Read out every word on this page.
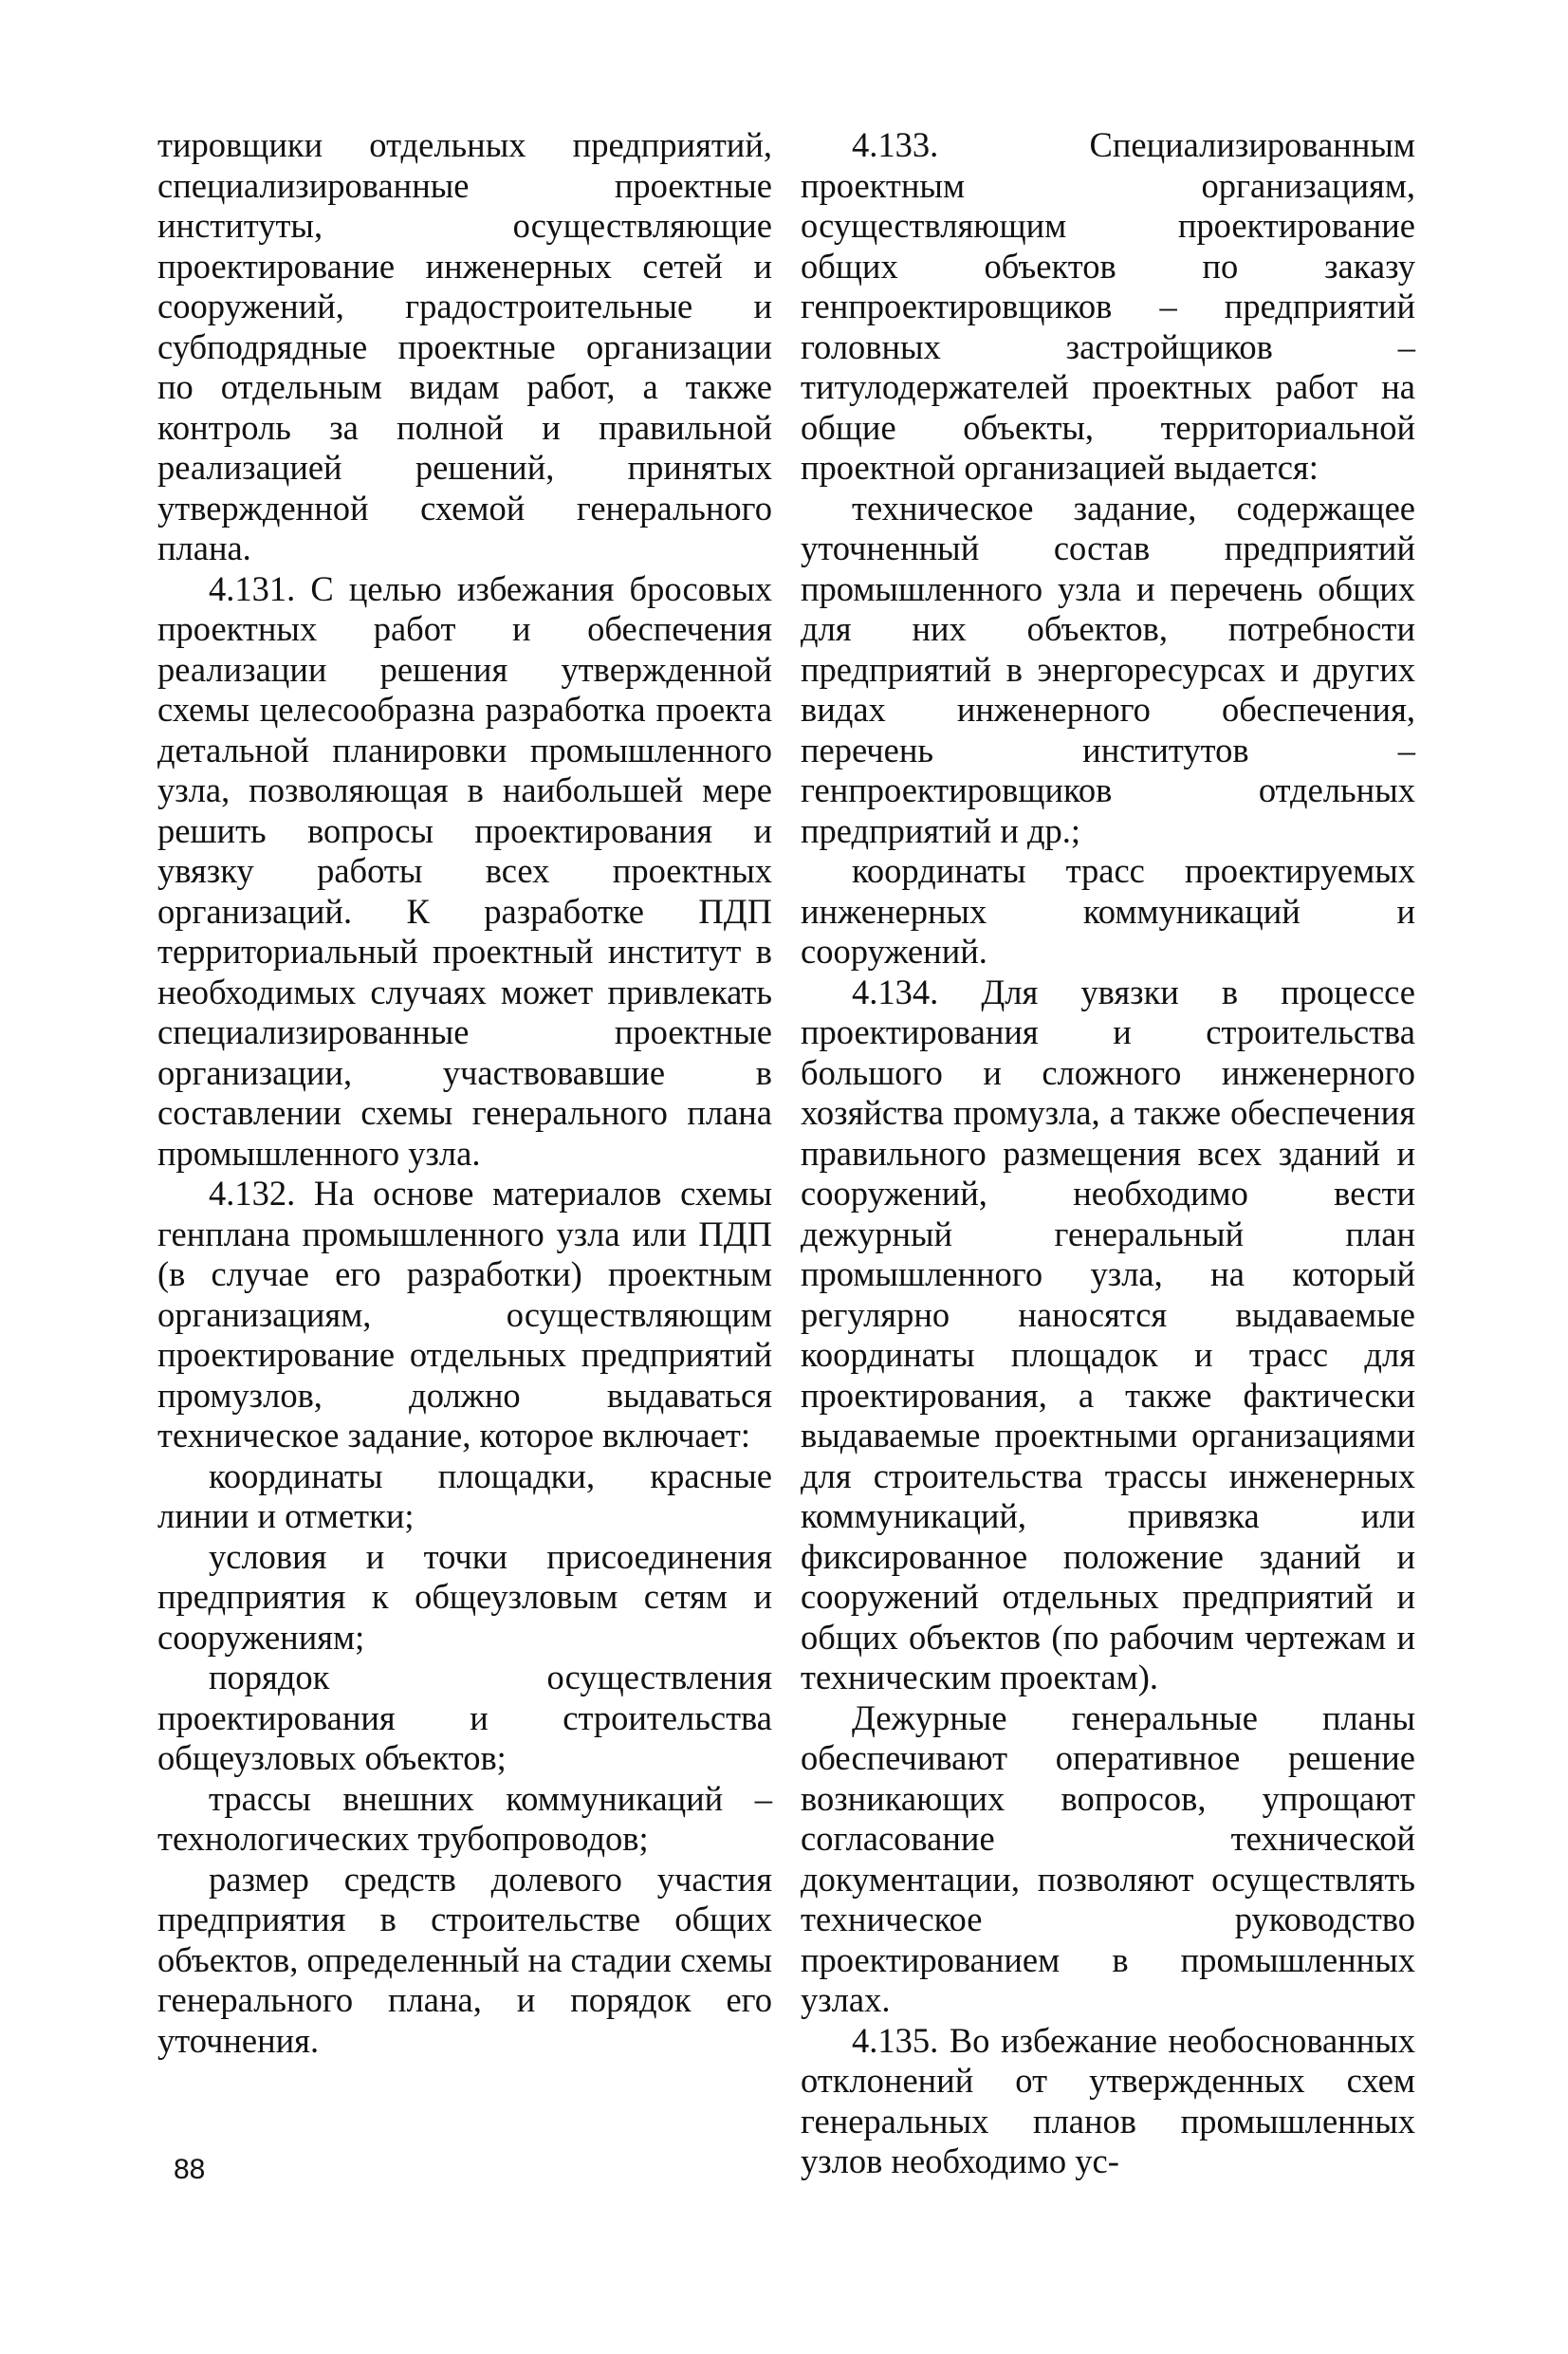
тировщики отдельных предприятий, специализированные проектные институты, осуществляющие проектирование инженерных сетей и сооружений, градостроительные и субподрядные проектные организации по отдельным видам работ, а также контроль за полной и правильной реализацией решений, принятых утвержденной схемой генерального плана.

4.131. С целью избежания бросовых проектных работ и обеспечения реализации решения утвержденной схемы целесообразна разработка проекта детальной планировки промышленного узла, позволяющая в наибольшей мере решить вопросы проектирования и увязку работы всех проектных организаций. К разработке ПДП территориальный проектный институт в необходимых случаях может привлекать специализированные проектные организации, участвовавшие в составлении схемы генерального плана промышленного узла.

4.132. На основе материалов схемы генплана промышленного узла или ПДП (в случае его разработки) проектным организациям, осуществляющим проектирование отдельных предприятий промузлов, должно выдаваться техническое задание, которое включает:

координаты площадки, красные линии и отметки;

условия и точки присоединения предприятия к общеузловым сетям и сооружениям;

порядок осуществления проектирования и строительства общеузловых объектов;

трассы внешних коммуникаций – технологических трубопроводов;

размер средств долевого участия предприятия в строительстве общих объектов, определенный на стадии схемы генерального плана, и порядок его уточнения.

4.133. Специализированным проектным организациям, осуществляющим проектирование общих объектов по заказу генпроектировщиков – предприятий головных застройщиков – титулодержателей проектных работ на общие объекты, территориальной проектной организацией выдается:

техническое задание, содержащее уточненный состав предприятий промышленного узла и перечень общих для них объектов, потребности предприятий в энергоресурсах и других видах инженерного обеспечения, перечень институтов – генпроектировщиков отдельных предприятий и др.;

координаты трасс проектируемых инженерных коммуникаций и сооружений.

4.134. Для увязки в процессе проектирования и строительства большого и сложного инженерного хозяйства промузла, а также обеспечения правильного размещения всех зданий и сооружений, необходимо вести дежурный генеральный план промышленного узла, на который регулярно наносятся выдаваемые координаты площадок и трасс для проектирования, а также фактически выдаваемые проектными организациями для строительства трассы инженерных коммуникаций, привязка или фиксированное положение зданий и сооружений отдельных предприятий и общих объектов (по рабочим чертежам и техническим проектам).

Дежурные генеральные планы обеспечивают оперативное решение возникающих вопросов, упрощают согласование технической документации, позволяют осуществлять техническое руководство проектированием в промышленных узлах.

4.135. Во избежание необоснованных отклонений от утвержденных схем генеральных планов промышленных узлов необходимо ус-

88
